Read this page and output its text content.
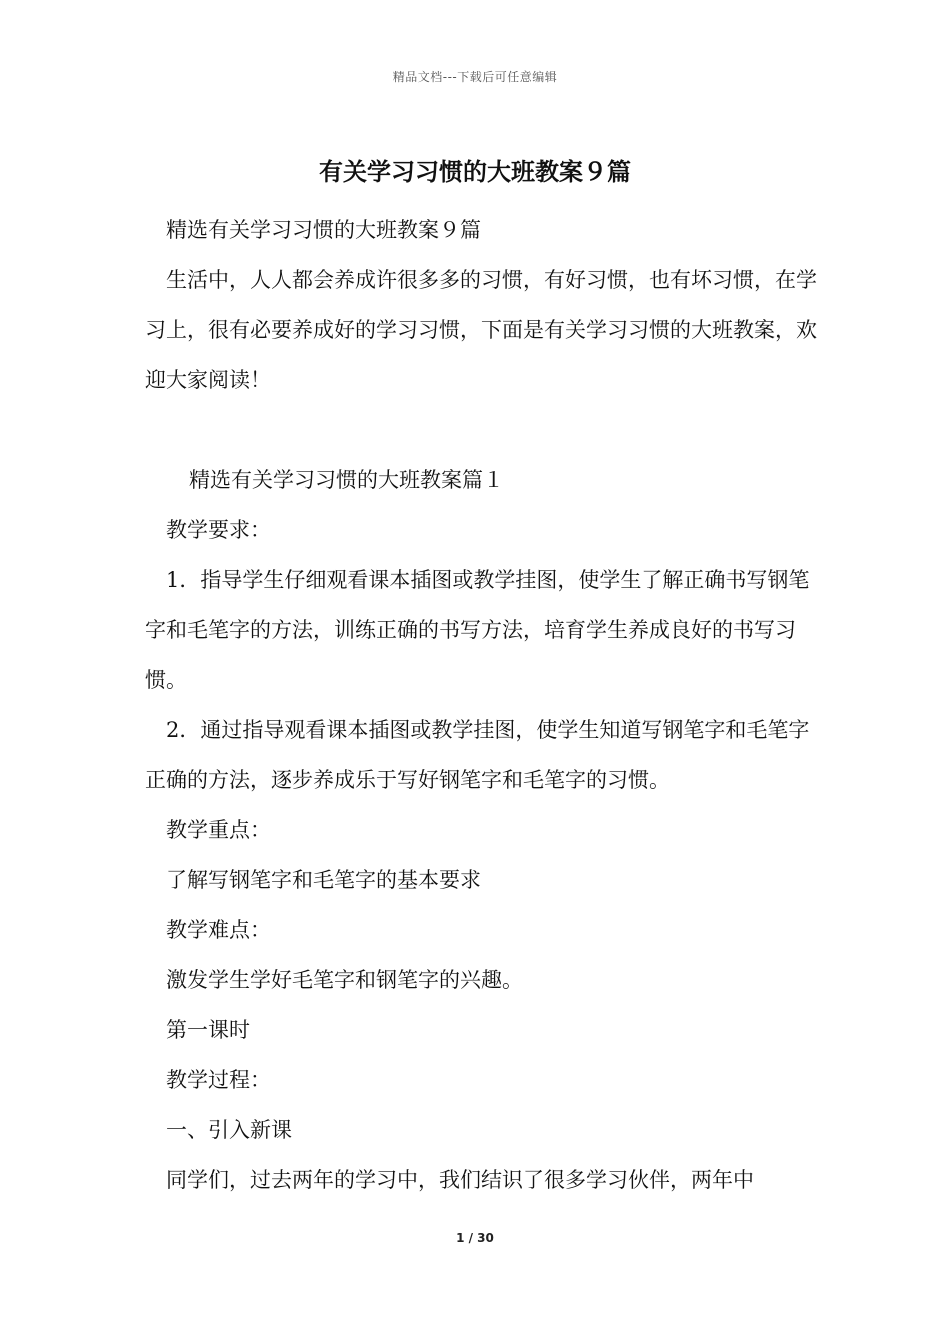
精品文档---下载后可任意编辑
有关学习习惯的大班教案９篇

精选有关学习习惯的大班教案９篇

生活中，人人都会养成许很多多的习惯，有好习惯，也有坏习惯，在学习上，很有必要养成好的学习习惯，下面是有关学习习惯的大班教案，欢迎大家阅读！

精选有关学习习惯的大班教案篇１

教学要求：

1．指导学生仔细观看课本插图或教学挂图，使学生了解正确书写钢笔字和毛笔字的方法，训练正确的书写方法，培育学生养成良好的书写习惯。

2．通过指导观看课本插图或教学挂图，使学生知道写钢笔字和毛笔字正确的方法，逐步养成乐于写好钢笔字和毛笔字的习惯。

教学重点：

了解写钢笔字和毛笔字的基本要求

教学难点：

激发学生学好毛笔字和钢笔字的兴趣。

第一课时

教学过程：

一、引入新课

同学们，过去两年的学习中，我们结识了很多学习伙伴，两年中

1 / 30
